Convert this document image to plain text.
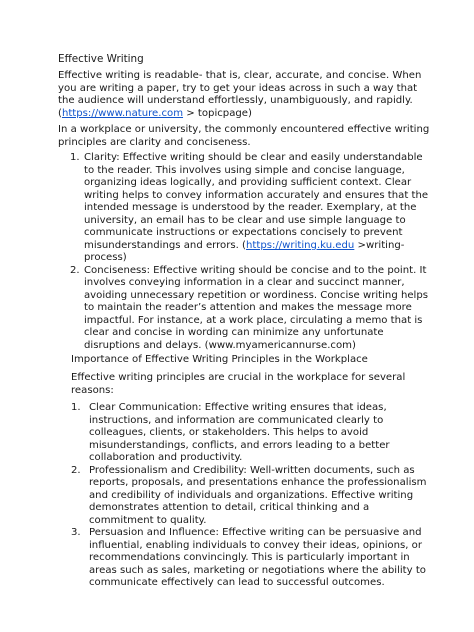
Effective Writing

Effective writing is readable- that is, clear, accurate, and concise. When you are writing a paper, try to get your ideas across in such a way that the audience will understand effortlessly, unambiguously, and rapidly. (https://www.nature.com > topicpage)

In a workplace or university, the commonly encountered effective writing principles are clarity and conciseness.

1. Clarity: Effective writing should be clear and easily understandable to the reader. This involves using simple and concise language, organizing ideas logically, and providing sufficient context. Clear writing helps to convey information accurately and ensures that the intended message is understood by the reader. Exemplary, at the university, an email has to be clear and use simple language to communicate instructions or expectations concisely to prevent misunderstandings and errors. (https://writing.ku.edu >writing-process)
2. Conciseness: Effective writing should be concise and to the point. It involves conveying information in a clear and succinct manner, avoiding unnecessary repetition or wordiness. Concise writing helps to maintain the reader’s attention and makes the message more impactful. For instance, at a work place, circulating a memo that is clear and concise in wording can minimize any unfortunate disruptions and delays. (www.myamericannurse.com)
Importance of Effective Writing Principles in the Workplace

Effective writing principles are crucial in the workplace for several reasons:

1. Clear Communication: Effective writing ensures that ideas, instructions, and information are communicated clearly to colleagues, clients, or stakeholders. This helps to avoid misunderstandings, conflicts, and errors leading to a better collaboration and productivity.
2. Professionalism and Credibility: Well-written documents, such as reports, proposals, and presentations enhance the professionalism and credibility of individuals and organizations. Effective writing demonstrates attention to detail, critical thinking and a commitment to quality.
3. Persuasion and Influence: Effective writing can be persuasive and influential, enabling individuals to convey their ideas, opinions, or recommendations convincingly. This is particularly important in areas such as sales, marketing or negotiations where the ability to communicate effectively can lead to successful outcomes.
